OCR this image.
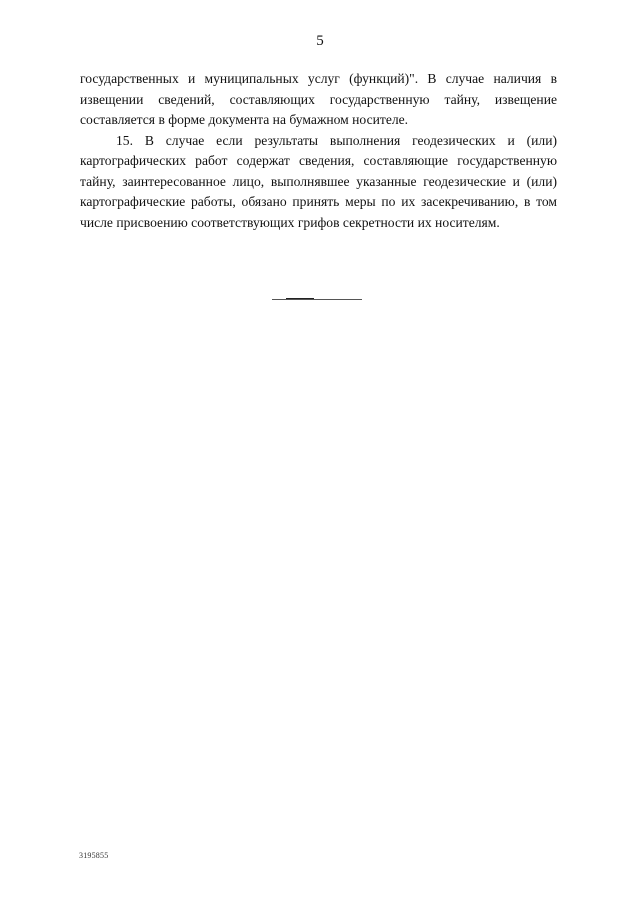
5

государственных и муниципальных услуг (функций)". В случае наличия в извещении сведений, составляющих государственную тайну, извещение составляется в форме документа на бумажном носителе.

15. В случае если результаты выполнения геодезических и (или) картографических работ содержат сведения, составляющие государственную тайну, заинтересованное лицо, выполнявшее указанные геодезические и (или) картографические работы, обязано принять меры по их засекречиванию, в том числе присвоению соответствующих грифов секретности их носителям.

3195855
